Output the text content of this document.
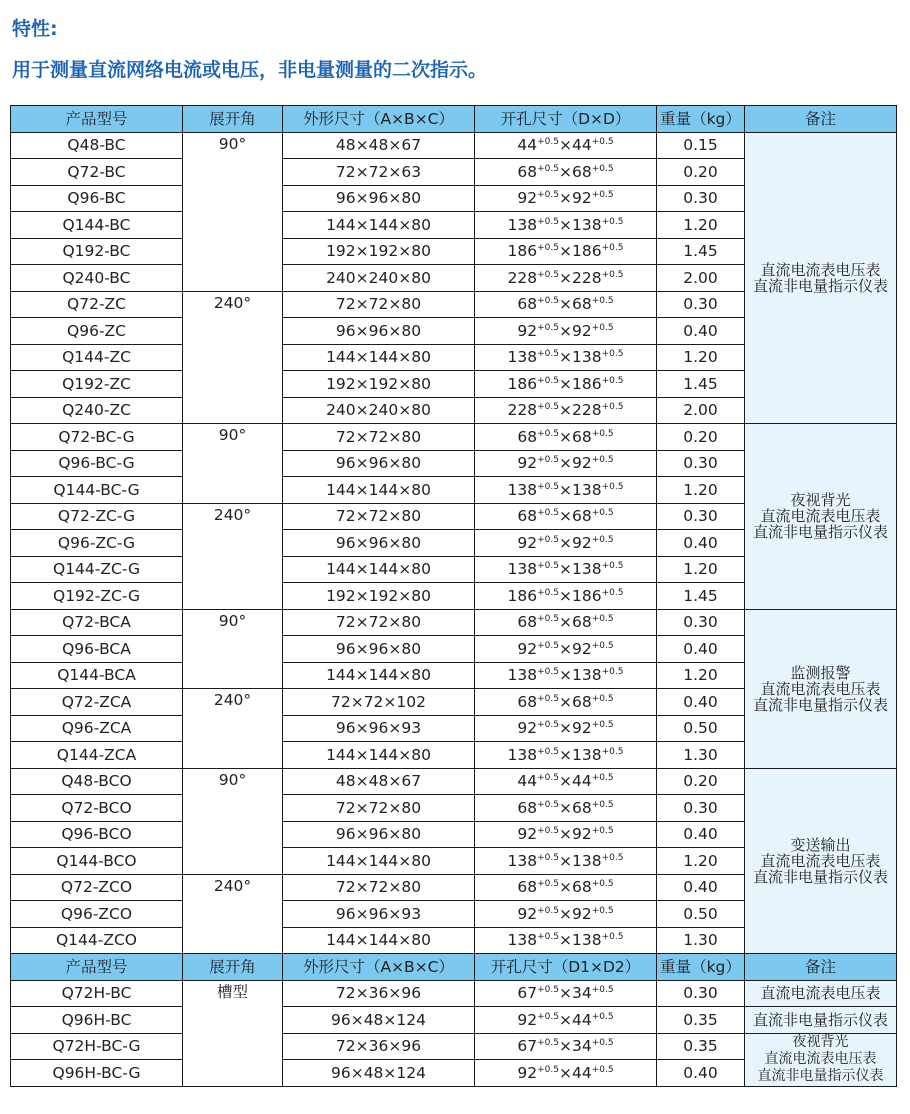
特性:
用于测量直流网络电流或电压，非电量测量的二次指示。
产品型号	展开角	外形尺寸（A×B×C）	开孔尺寸（D×D）	重量（kg）	备注
Q48-BC	90°	48×48×67	$44^{+0.5}\times 44^{+0.5}$	0.15	直流电流表电压表
直流非电量指示仪表

Q72-BC		72×72×63	$68^{+0.5}\times 68^{+0.5}$	0.20	
Q96-BC		96×96×80	$92^{+0.5}\times 92^{+0.5}$	0.30	
Q144-BC		144×144×80	$138^{+0.5}\times 138^{+0.5}$	1.20	
Q192-BC		192×192×80	$186^{+0.5}\times 186^{+0.5}$	1.45	
Q240-BC		240×240×80	$228^{+0.5}\times 228^{+0.5}$	2.00	
Q72-ZC	240°	72×72×80	$68^{+0.5}\times 68^{+0.5}$	0.30	
Q96-ZC		96×96×80	$92^{+0.5}\times 92^{+0.5}$	0.40	
Q144-ZC		144×144×80	$138^{+0.5}\times 138^{+0.5}$	1.20	
Q192-ZC		192×192×80	$186^{+0.5}\times 186^{+0.5}$	1.45	
Q240-ZC		240×240×80	$228^{+0.5}\times 228^{+0.5}$	2.00	
Q72-BC-G	90°	72×72×80	$68^{+0.5}\times 68^{+0.5}$	0.20	夜视背光
直流电流表电压表
直流非电量指示仪表

Q96-BC-G		96×96×80	$92^{+0.5}\times 92^{+0.5}$	0.30	
Q144-BC-G		144×144×80	$138^{+0.5}\times 138^{+0.5}$	1.20	
Q72-ZC-G	240°	72×72×80	$68^{+0.5}\times 68^{+0.5}$	0.30	
Q96-ZC-G		96×96×80	$92^{+0.5}\times 92^{+0.5}$	0.40	
Q144-ZC-G		144×144×80	$138^{+0.5}\times 138^{+0.5}$	1.20	
Q192-ZC-G		192×192×80	$186^{+0.5}\times 186^{+0.5}$	1.45	
Q72-BCA	90°	72×72×80	$68^{+0.5}\times 68^{+0.5}$	0.30	监测报警
直流电流表电压表
直流非电量指示仪表

Q96-BCA		96×96×80	$92^{+0.5}\times 92^{+0.5}$	0.40	
Q144-BCA		144×144×80	$138^{+0.5}\times 138^{+0.5}$	1.20	
Q72-ZCA	240°	72×72×102	$68^{+0.5}\times 68^{+0.5}$	0.40	
Q96-ZCA		96×96×93	$92^{+0.5}\times 92^{+0.5}$	0.50	
Q144-ZCA		144×144×80	$138^{+0.5}\times 138^{+0.5}$	1.30	
Q48-BCO	90°	48×48×67	$44^{+0.5}\times 44^{+0.5}$	0.20	变送输出
直流电流表电压表
直流非电量指示仪表

Q72-BCO		72×72×80	$68^{+0.5}\times 68^{+0.5}$	0.30	
Q96-BCO		96×96×80	$92^{+0.5}\times 92^{+0.5}$	0.40	
Q144-BCO		144×144×80	$138^{+0.5}\times 138^{+0.5}$	1.20	
Q72-ZCO	240°	72×72×80	$68^{+0.5}\times 68^{+0.5}$	0.40	
Q96-ZCO		96×96×93	$92^{+0.5}\times 92^{+0.5}$	0.50	
Q144-ZCO		144×144×80	$138^{+0.5}\times 138^{+0.5}$	1.30	
产品型号	展开角	外形尺寸（A×B×C）	开孔尺寸（D1×D2）	重量（kg）	备注
Q72H-BC	槽型	72×36×96	$67^{+0.5}\times 34^{+0.5}$	0.30	直流电流表电压表

Q96H-BC		96×48×124	$92^{+0.5}\times 44^{+0.5}$	0.35	直流非电量指示仪表

Q72H-BC-G		72×36×96	$67^{+0.5}\times 34^{+0.5}$	0.35	夜视背光
直流电流表电压表
直流非电量指示仪表

Q96H-BC-G		96×48×124	$92^{+0.5}\times 44^{+0.5}$	0.40	
